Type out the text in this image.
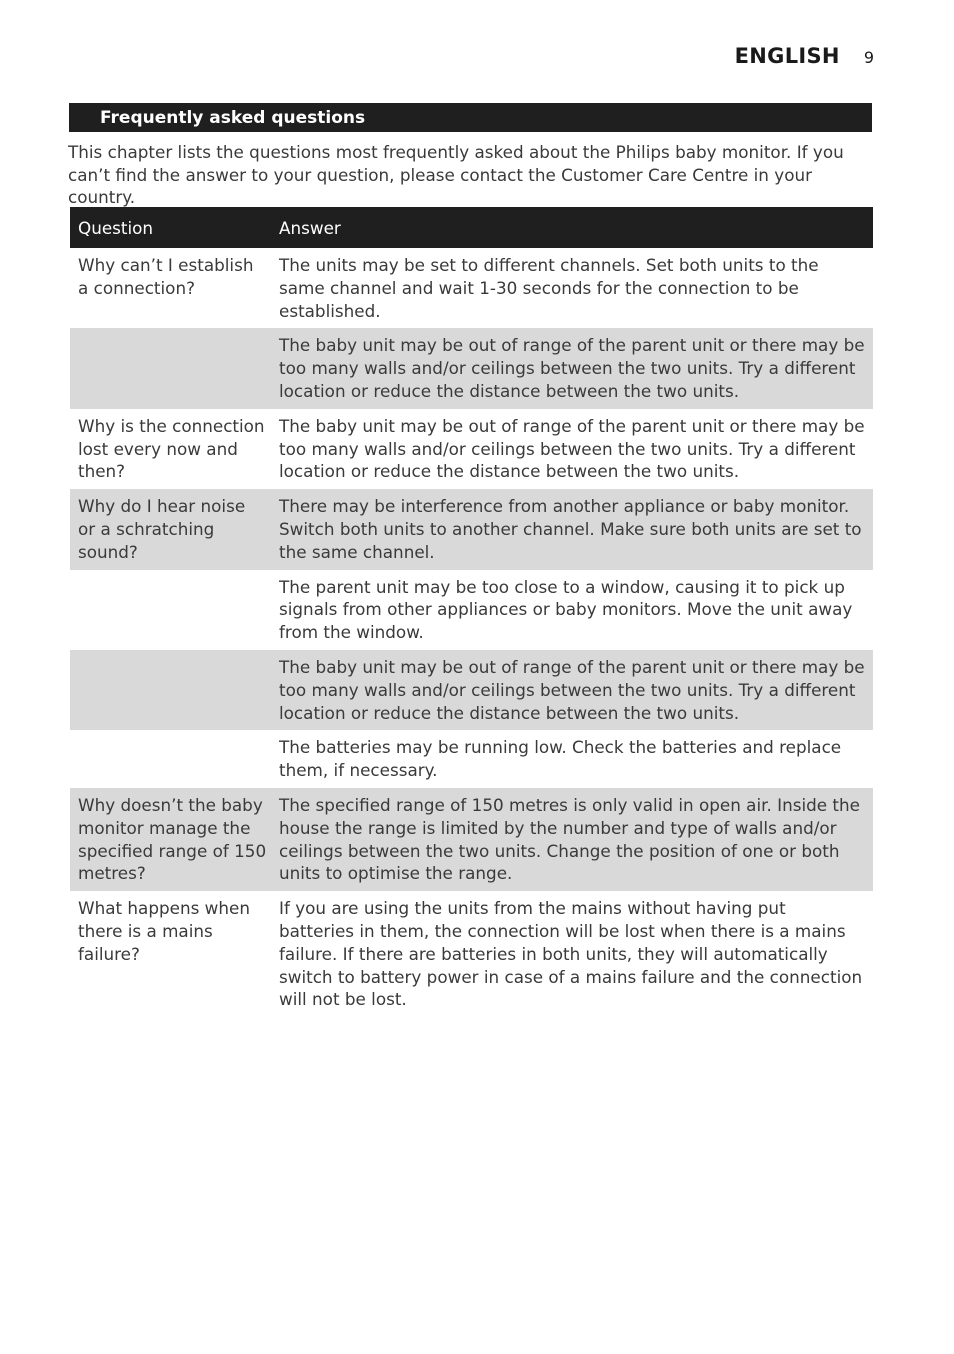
ENGLISH 9
Frequently asked questions

This chapter lists the questions most frequently asked about the Philips baby monitor. If you can’t find the answer to your question, please contact the Customer Care Centre in your country.

Question	Answer
Why can’t I establish a connection?	The units may be set to different channels. Set both units to the same channel and wait 1-30 seconds for the connection to be established.
	The baby unit may be out of range of the parent unit or there may be too many walls and/or ceilings between the two units. Try a different location or reduce the distance between the two units.
Why is the connection lost every now and then?	The baby unit may be out of range of the parent unit or there may be too many walls and/or ceilings between the two units. Try a different location or reduce the distance between the two units.
Why do I hear noise or a schratching sound?	There may be interference from another appliance or baby monitor. Switch both units to another channel. Make sure both units are set to the same channel.
	The parent unit may be too close to a window, causing it to pick up signals from other appliances or baby monitors. Move the unit away from the window.
	The baby unit may be out of range of the parent unit or there may be too many walls and/or ceilings between the two units. Try a different location or reduce the distance between the two units.
	The batteries may be running low. Check the batteries and replace them, if necessary.
Why doesn’t the baby monitor manage the specified range of 150 metres?	The specified range of 150 metres is only valid in open air. Inside the house the range is limited by the number and type of walls and/or ceilings between the two units. Change the position of one or both units to optimise the range.
What happens when there is a mains failure?	If you are using the units from the mains without having put batteries in them, the connection will be lost when there is a mains failure. If there are batteries in both units, they will automatically switch to battery power in case of a mains failure and the connection will not be lost.
